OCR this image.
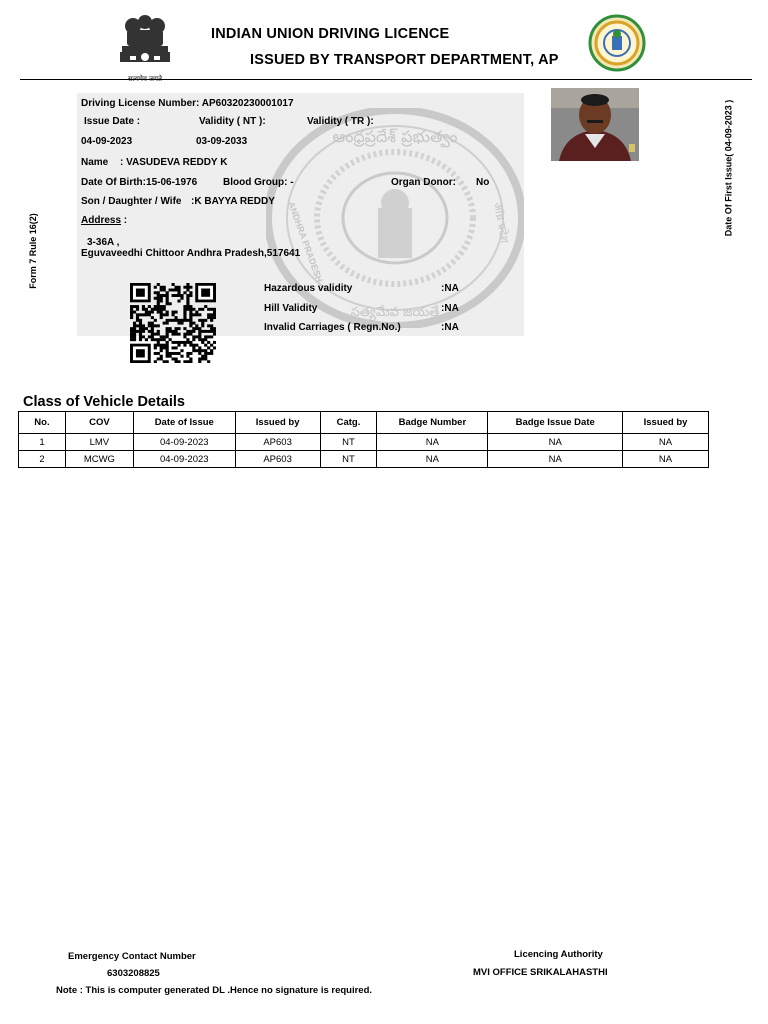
INDIAN UNION DRIVING LICENCE
ISSUED BY TRANSPORT DEPARTMENT, AP
ఆంధ్రప్రదేశ్ ప్రభుత్వం
సత్యమేవ జయతే
ANDHRA PRADESH	आंध्र प्रदेश
Driving License Number: AP60320230001017
Issue Date :	Validity ( NT ):	Validity ( TR ):
04-09-2023	03-09-2033
Name : VASUDEVA REDDY K
Date Of Birth:15-06-1976	Blood Group: -	Organ Donor: No
Son / Daughter / Wife :K BAYYA REDDY
Address :
3-36A ,
Eguvaveedhi Chittoor Andhra Pradesh,517641
Hazardous validity	:NA
Hill Validity	:NA
Invalid Carriages ( Regn.No.)	:NA
Form 7 Rule 16(2)
Date Of First Issue( 04-09-2023 )
Class of Vehicle Details
No.	COV	Date of Issue	Issued by	Catg.	Badge Number	Badge Issue Date	Issued by
1	LMV	04-09-2023	AP603	NT	NA	NA	NA
2	MCWG	04-09-2023	AP603	NT	NA	NA	NA
Emergency Contact Number
6303208825
Note : This is computer generated DL .Hence no signature is required.
Licencing Authority
MVI OFFICE SRIKALAHASTHI
